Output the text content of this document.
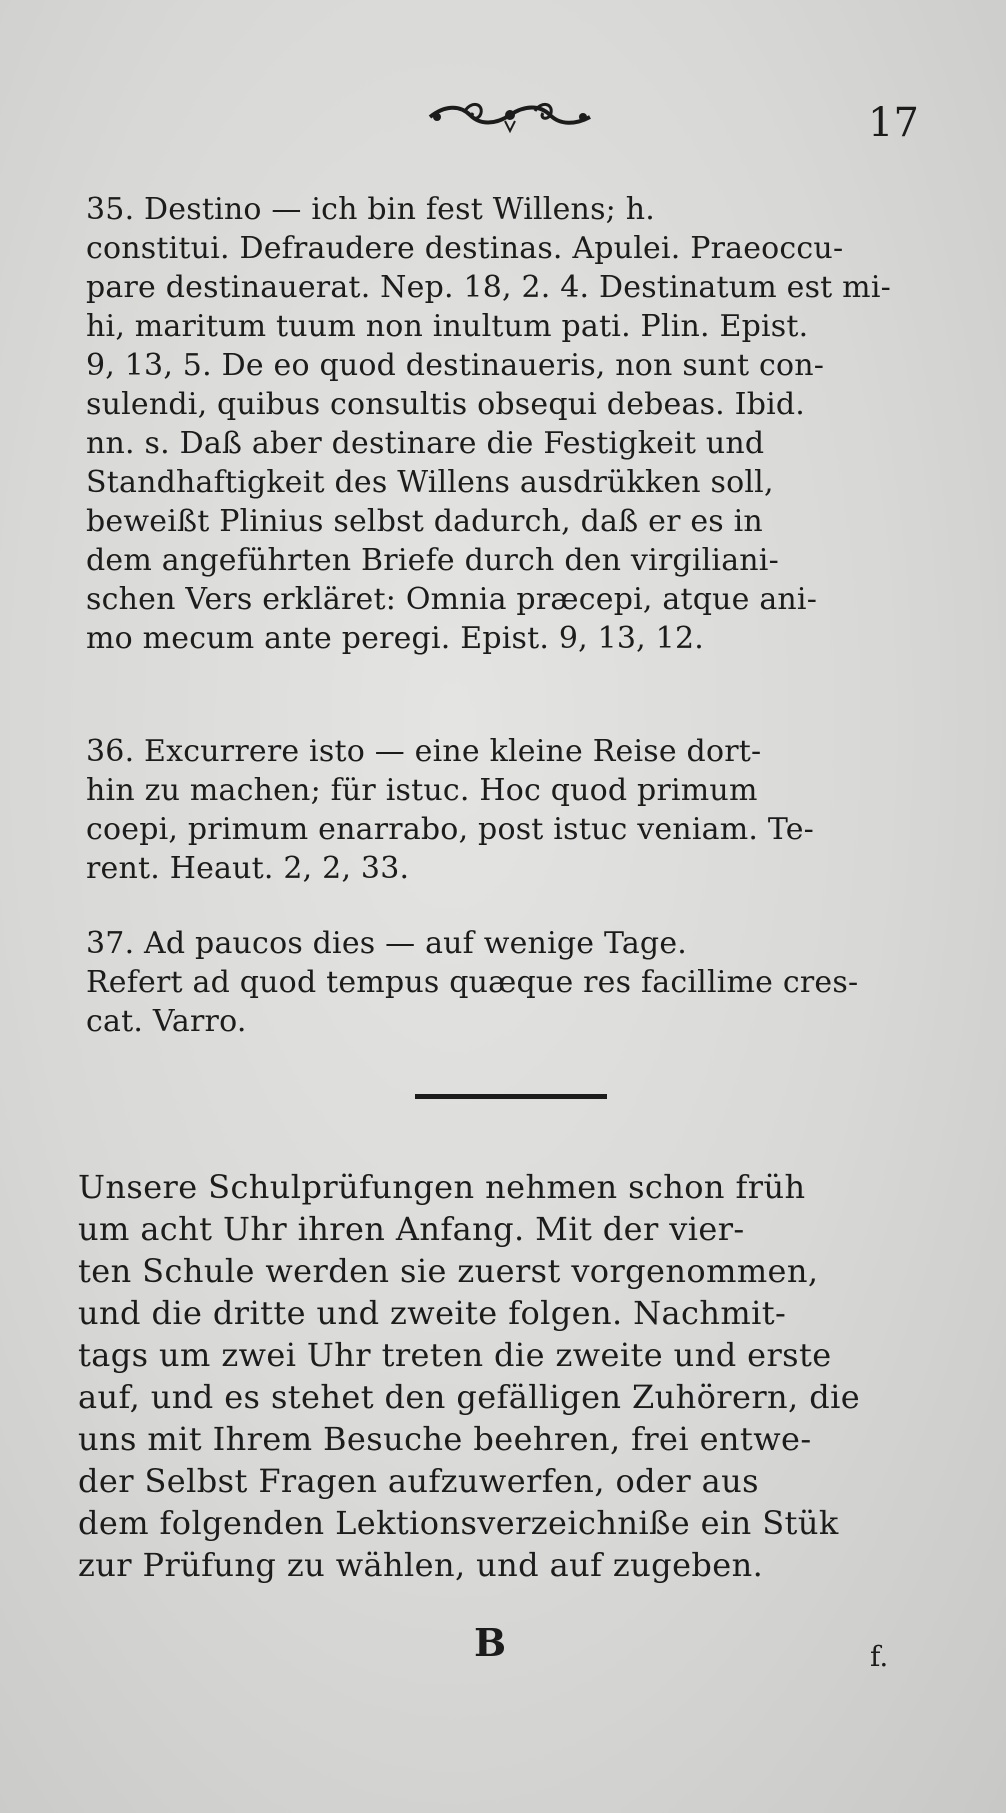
17
35. Destino — ich bin fest Willens; h.
constitui. Defraudere destinas. Apulei. Praeoccu-
pare destinauerat. Nep. 18, 2. 4. Destinatum est mi-
hi, maritum tuum non inultum pati. Plin. Epist.
9, 13, 5. De eo quod destinaueris, non sunt con-
sulendi, quibus consultis obsequi debeas. Ibid.
nn. s. Daß aber destinare die Festigkeit und
Standhaftigkeit des Willens ausdrükken soll,
beweißt Plinius selbst dadurch, daß er es in
dem angeführten Briefe durch den virgiliani-
schen Vers erkläret: Omnia præcepi, atque ani-
mo mecum ante peregi. Epist. 9, 13, 12.
36. Excurrere isto — eine kleine Reise dort-
hin zu machen; für istuc. Hoc quod primum
coepi, primum enarrabo, post istuc veniam. Te-
rent. Heaut. 2, 2, 33.
37. Ad paucos dies — auf wenige Tage.
Refert ad quod tempus quæque res facillime cres-
cat. Varro.
Unsere Schulprüfungen nehmen schon früh
um acht Uhr ihren Anfang. Mit der vier-
ten Schule werden sie zuerst vorgenommen,
und die dritte und zweite folgen. Nachmit-
tags um zwei Uhr treten die zweite und erste
auf, und es stehet den gefälligen Zuhörern, die
uns mit Ihrem Besuche beehren, frei entwe-
der Selbst Fragen aufzuwerfen, oder aus
dem folgenden Lektionsverzeichniße ein Stük
zur Prüfung zu wählen, und auf zugeben.
B	f.
